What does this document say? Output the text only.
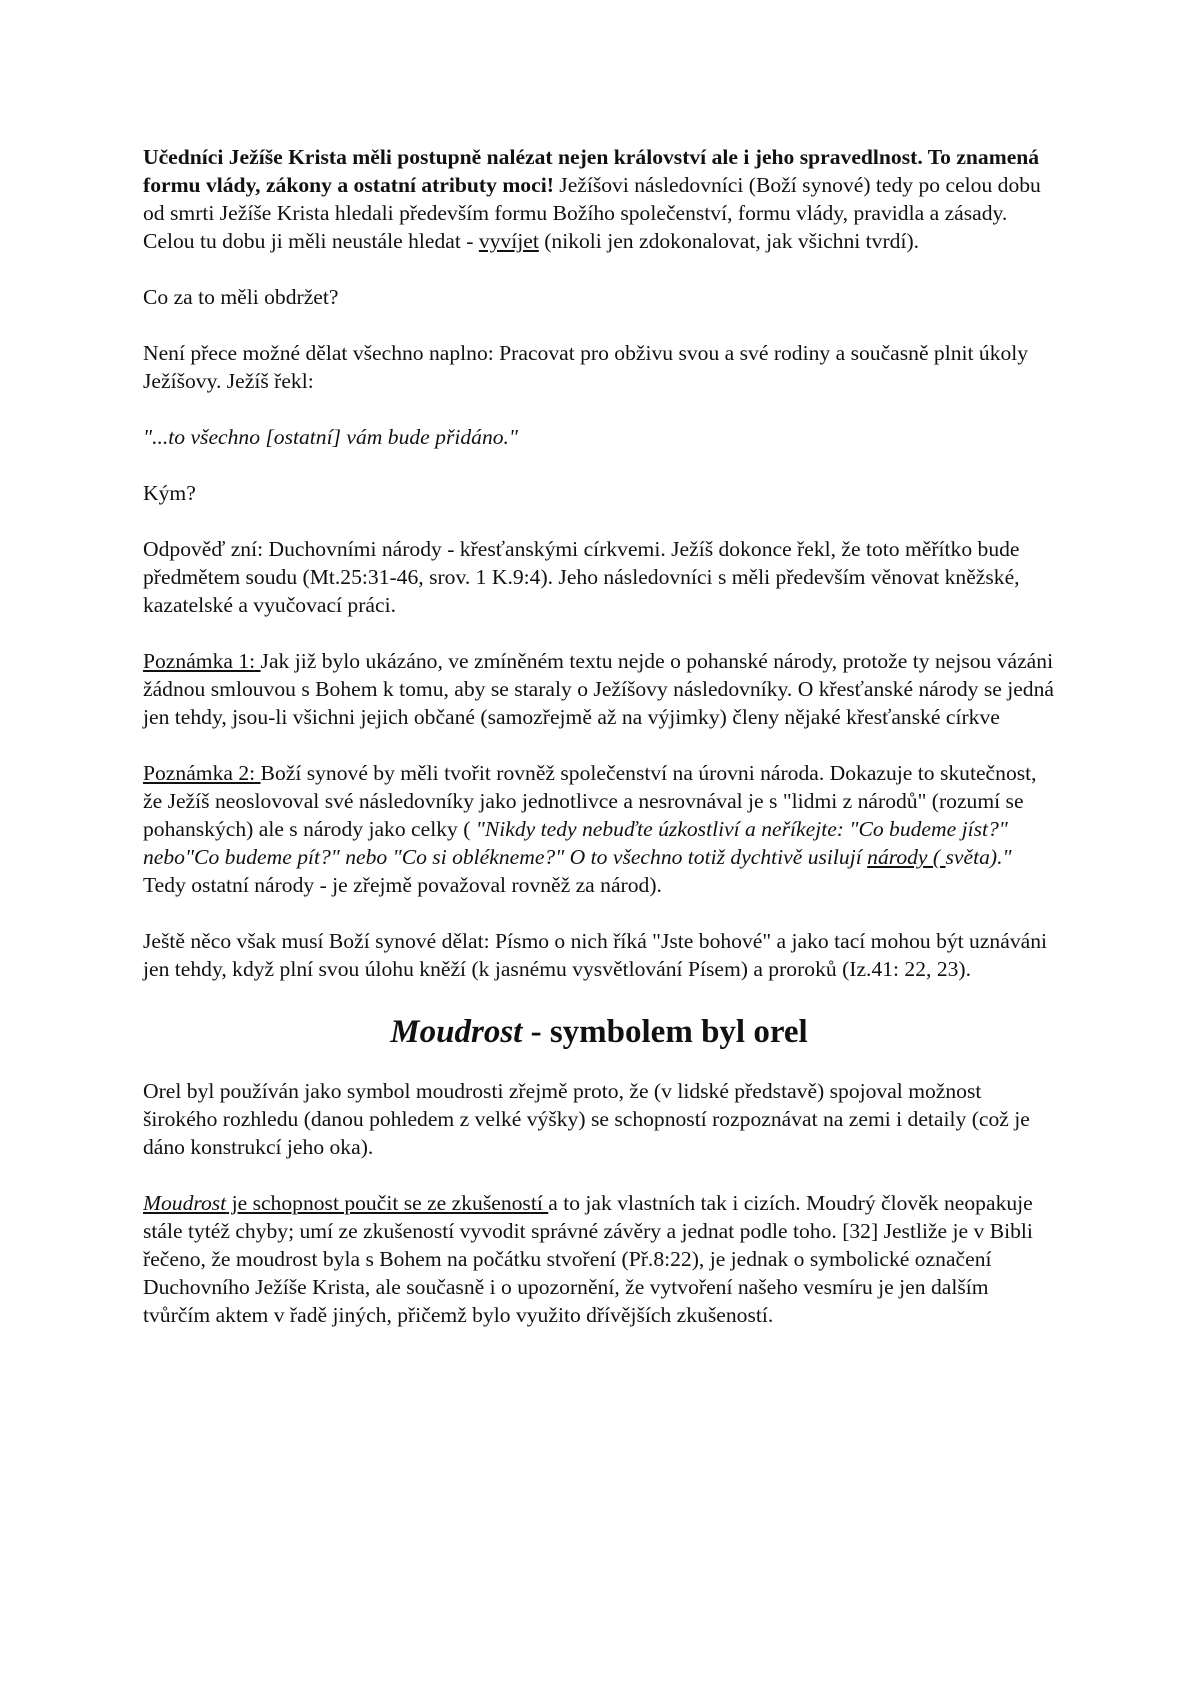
Učedníci Ježíše Krista měli postupně nalézat nejen království ale i jeho spravedlnost. To znamená formu vlády, zákony a ostatní atributy moci! Ježíšovi následovníci (Boží synové) tedy po celou dobu od smrti Ježíše Krista hledali především formu Božího společenství, formu vlády, pravidla a zásady. Celou tu dobu ji měli neustále hledat - vyvíjet (nikoli jen zdokonalovat, jak všichni tvrdí).

Co za to měli obdržet?

Není přece možné dělat všechno naplno: Pracovat pro obživu svou a své rodiny a současně plnit úkoly Ježíšovy. Ježíš řekl:

"...to všechno [ostatní] vám bude přidáno."

Kým?

Odpověď zní: Duchovními národy - křesťanskými církvemi. Ježíš dokonce řekl, že toto měřítko bude předmětem soudu (Mt.25:31-46, srov. 1 K.9:4). Jeho následovníci s měli především věnovat kněžské, kazatelské a vyučovací práci.

Poznámka 1: Jak již bylo ukázáno, ve zmíněném textu nejde o pohanské národy, protože ty nejsou vázáni žádnou smlouvou s Bohem k tomu, aby se staraly o Ježíšovy následovníky. O křesťanské národy se jedná jen tehdy, jsou-li všichni jejich občané (samozřejmě až na výjimky) členy nějaké křesťanské církve

Poznámka 2: Boží synové by měli tvořit rovněž společenství na úrovni národa. Dokazuje to skutečnost, že Ježíš neoslovoval své následovníky jako jednotlivce a nesrovnával je s "lidmi z národů" (rozumí se pohanských) ale s národy jako celky ( "Nikdy tedy nebuďte úzkostliví a neříkejte: "Co budeme jíst?" nebo"Co budeme pít?" nebo "Co si oblékneme?" O to všechno totiž dychtivě usilují národy ( světa)." Tedy ostatní národy - je zřejmě považoval rovněž za národ).

Ještě něco však musí Boží synové dělat: Písmo o nich říká "Jste bohové" a jako tací mohou být uznáváni jen tehdy, když plní svou úlohu kněží (k jasnému vysvětlování Písem) a proroků (Iz.41: 22, 23).

Moudrost - symbolem byl orel

Orel byl používán jako symbol moudrosti zřejmě proto, že (v lidské představě) spojoval možnost širokého rozhledu (danou pohledem z velké výšky) se schopností rozpoznávat na zemi i detaily (což je dáno konstrukcí jeho oka).

Moudrost je schopnost poučit se ze zkušeností a to jak vlastních tak i cizích. Moudrý člověk neopakuje stále tytéž chyby; umí ze zkušeností vyvodit správné závěry a jednat podle toho. [32] Jestliže je v Bibli řečeno, že moudrost byla s Bohem na počátku stvoření (Př.8:22), je jednak o symbolické označení Duchovního Ježíše Krista, ale současně i o upozornění, že vytvoření našeho vesmíru je jen dalším tvůrčím aktem v řadě jiných, přičemž bylo využito dřívějších zkušeností.
